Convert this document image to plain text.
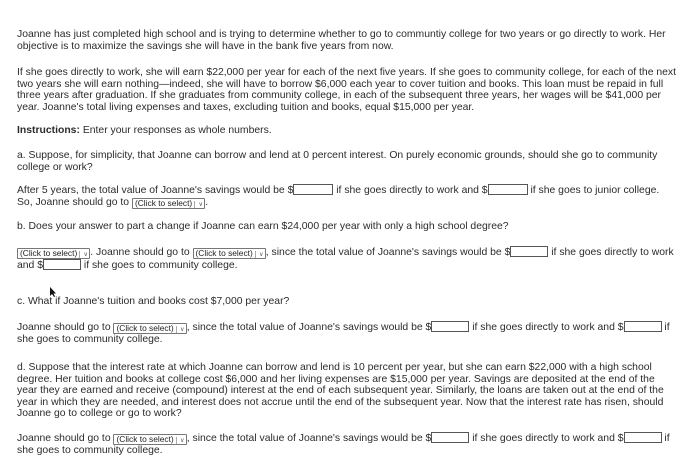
Joanne has just completed high school and is trying to determine whether to go to communtiy college for two years or go directly to work. Her objective is to maximize the savings she will have in the bank five years from now.

If she goes directly to work, she will earn $22,000 per year for each of the next five years. If she goes to community college, for each of the next two years she will earn nothing—indeed, she will have to borrow $6,000 each year to cover tuition and books. This loan must be repaid in full three years after graduation. If she graduates from community college, in each of the subsequent three years, her wages will be $41,000 per year. Joanne's total living expenses and taxes, excluding tuition and books, equal $15,000 per year.

Instructions: Enter your responses as whole numbers.

a. Suppose, for simplicity, that Joanne can borrow and lend at 0 percent interest. On purely economic grounds, should she go to community college or work?

After 5 years, the total value of Joanne's savings would be $	if she goes directly to work and $	if she goes to junior college. So, Joanne should go to (Click to select) v .

b. Does your answer to part a change if Joanne can earn $24,000 per year with only a high school degree?

(Click to select) v . Joanne should go to (Click to select) v , since the total value of Joanne's savings would be $	if she goes directly to work and $	if she goes to community college.

c. What if Joanne's tuition and books cost $7,000 per year?

Joanne should go to (Click to select) v , since the total value of Joanne's savings would be $	if she goes directly to work and $	if she goes to community college.

d. Suppose that the interest rate at which Joanne can borrow and lend is 10 percent per year, but she can earn $22,000 with a high school degree. Her tuition and books at college cost $6,000 and her living expenses are $15,000 per year. Savings are deposited at the end of the year they are earned and receive (compound) interest at the end of each subsequent year. Similarly, the loans are taken out at the end of the year in which they are needed, and interest does not accrue until the end of the subsequent year. Now that the interest rate has risen, should Joanne go to college or go to work?

Joanne should go to (Click to select) v , since the total value of Joanne's savings would be $	if she goes directly to work and $	if she goes to community college.
